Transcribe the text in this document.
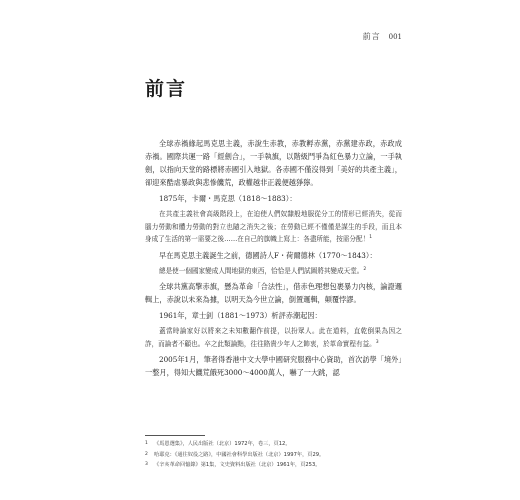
前言 001
前言

全球赤禍緣起馬克思主義，赤說生赤教，赤教孵赤黨，赤黨建赤政，赤政成赤禍。國際共運一路「經劍合」，一手執旗，以階級鬥爭為紅色暴力立論，一手執劍，以指向天堂的路標將赤國引入地獄。各赤國不僅沒得到「美好的共產主義」，卻迎來酷虐暴政與悲慘饑荒，政權越非正義便越猙獰。

1875年，卡爾・馬克思（1818〜1883）：

在共產主義社會高級階段上，在迫使人們奴隸般地服從分工的情形已經消失，從而腦力勞動和體力勞動的對立也隨之消失之後；在勞動已經不僅僅是謀生的手段，而且本身成了生活的第一需要之後……在自己的旗幟上寫上：各盡所能，按需分配！$^1$

早在馬克思主義誕生之前，德國詩人F・荷爾德林（1770〜1843）：

總是使一個國家變成人間地獄的東西，恰恰是人們試圖將其變成天堂。$^2$

全球共黨高擎赤旗，懸為革命「合法性」，借赤色理想包裹暴力內核，論證邏輯上，赤說以未來為據，以明天為今世立論，倒置邏輯，顛覆悖謬。

1961年，章士釗（1881〜1973）析評赤潮起因：

蓋當時論家好以將來之未知數翻作前提，以扮眾人。此在道料，直乾倒果為因之詐，而論者不顧也。卒之此類論點，往往賂貴少年人之飾衷，於革命實程有益。$^3$

2005年1月，筆者得香港中文大學中國研究服務中心資助，首次訪學「境外」一整月，得知大饑荒餓死3000〜4000萬人，嚇了一大跳，認

1 《馬恩選集》，人民出版社（北京）1972年，卷三，頁12。
2 哈耶克：《通往奴役之路》，中國社會科學出版社（北京）1997年，頁29。
3 《辛亥革命回憶錄》第1集，文史資料出版社（北京）1961年，頁253。
